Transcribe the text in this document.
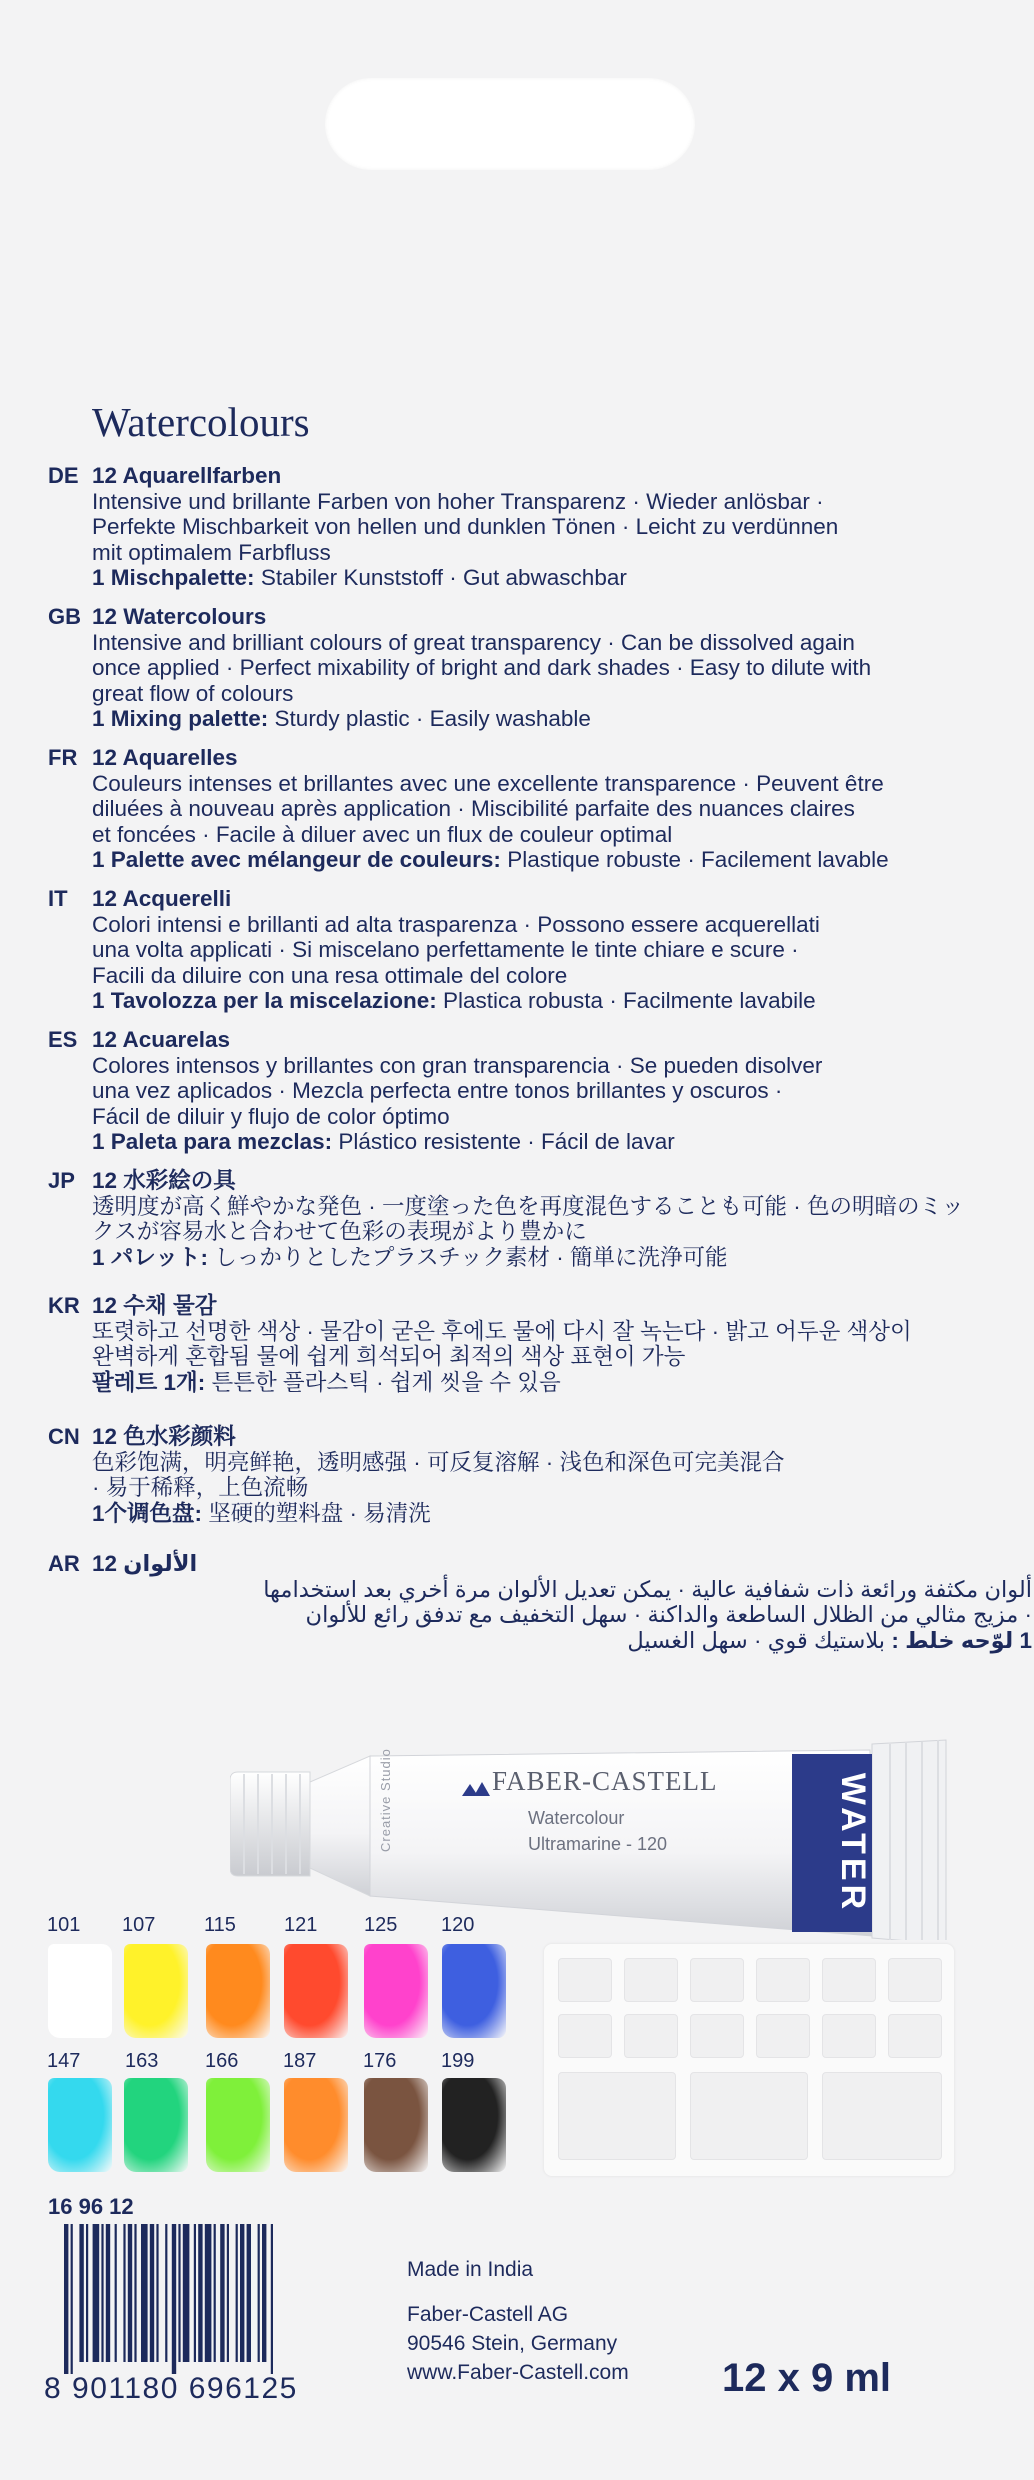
Watercolours
DE 12 Aquarellfarben
Intensive und brillante Farben von hoher Transparenz · Wieder anlösbar ·
Perfekte Mischbarkeit von hellen und dunklen Tönen · Leicht zu verdünnen
mit optimalem Farbfluss
1 Mischpalette: Stabiler Kunststoff · Gut abwaschbar
GB 12 Watercolours
Intensive and brilliant colours of great transparency · Can be dissolved again
once applied · Perfect mixability of bright and dark shades · Easy to dilute with
great flow of colours
1 Mixing palette: Sturdy plastic · Easily washable
FR 12 Aquarelles
Couleurs intenses et brillantes avec une excellente transparence · Peuvent être
diluées à nouveau après application · Miscibilité parfaite des nuances claires
et foncées · Facile à diluer avec un flux de couleur optimal
1 Palette avec mélangeur de couleurs: Plastique robuste · Facilement lavable
IT 12 Acquerelli
Colori intensi e brillanti ad alta trasparenza · Possono essere acquerellati
una volta applicati · Si miscelano perfettamente le tinte chiare e scure ·
Facili da diluire con una resa ottimale del colore
1 Tavolozza per la miscelazione: Plastica robusta · Facilmente lavabile
ES 12 Acuarelas
Colores intensos y brillantes con gran transparencia · Se pueden disolver
una vez aplicados · Mezcla perfecta entre tonos brillantes y oscuros ·
Fácil de diluir y flujo de color óptimo
1 Paleta para mezclas: Plástico resistente · Fácil de lavar
JP 12 水彩絵の具
透明度が高く鮮やかな発色 · 一度塗った色を再度混色することも可能 · 色の明暗のミッ
クスが容易水と合わせて色彩の表現がより豊かに
1 パレット: しっかりとしたプラスチック素材 · 簡単に洗浄可能
KR 12 수채 물감
또렷하고 선명한 색상 · 물감이 굳은 후에도 물에 다시 잘 녹는다 · 밝고 어두운 색상이
완벽하게 혼합됨 물에 쉽게 희석되어 최적의 색상 표현이 가능
팔레트 1개: 튼튼한 플라스틱 · 쉽게 씻을 수 있음
CN 12 色水彩颜料
色彩饱满，明亮鲜艳，透明感强 · 可反复溶解 · 浅色和深色可完美混合
· 易于稀释，上色流畅
1个调色盘: 坚硬的塑料盘 · 易清洗
AR 12 الألوان
ألوان مكثفة ورائعة ذات شفافية عالية · يمكن تعديل الألوان مرة أخري بعد استخدامها
· مزيج مثالي من الظلال الساطعة والداكنة · سهل التخفيف مع تدفق رائع للألوان
1 لوّحه خلط : بلاستيك قوي · سهل الغسيل
FABER-CASTELL
Watercolour
Ultramarine - 120
Creative Studio	WATER
101 107 115 121 125 120
147 163 166 187 176 199
16 96 12
8 901180 696125
Made in India
Faber-Castell AG
90546 Stein, Germany
www.Faber-Castell.com 12 x 9 ml
